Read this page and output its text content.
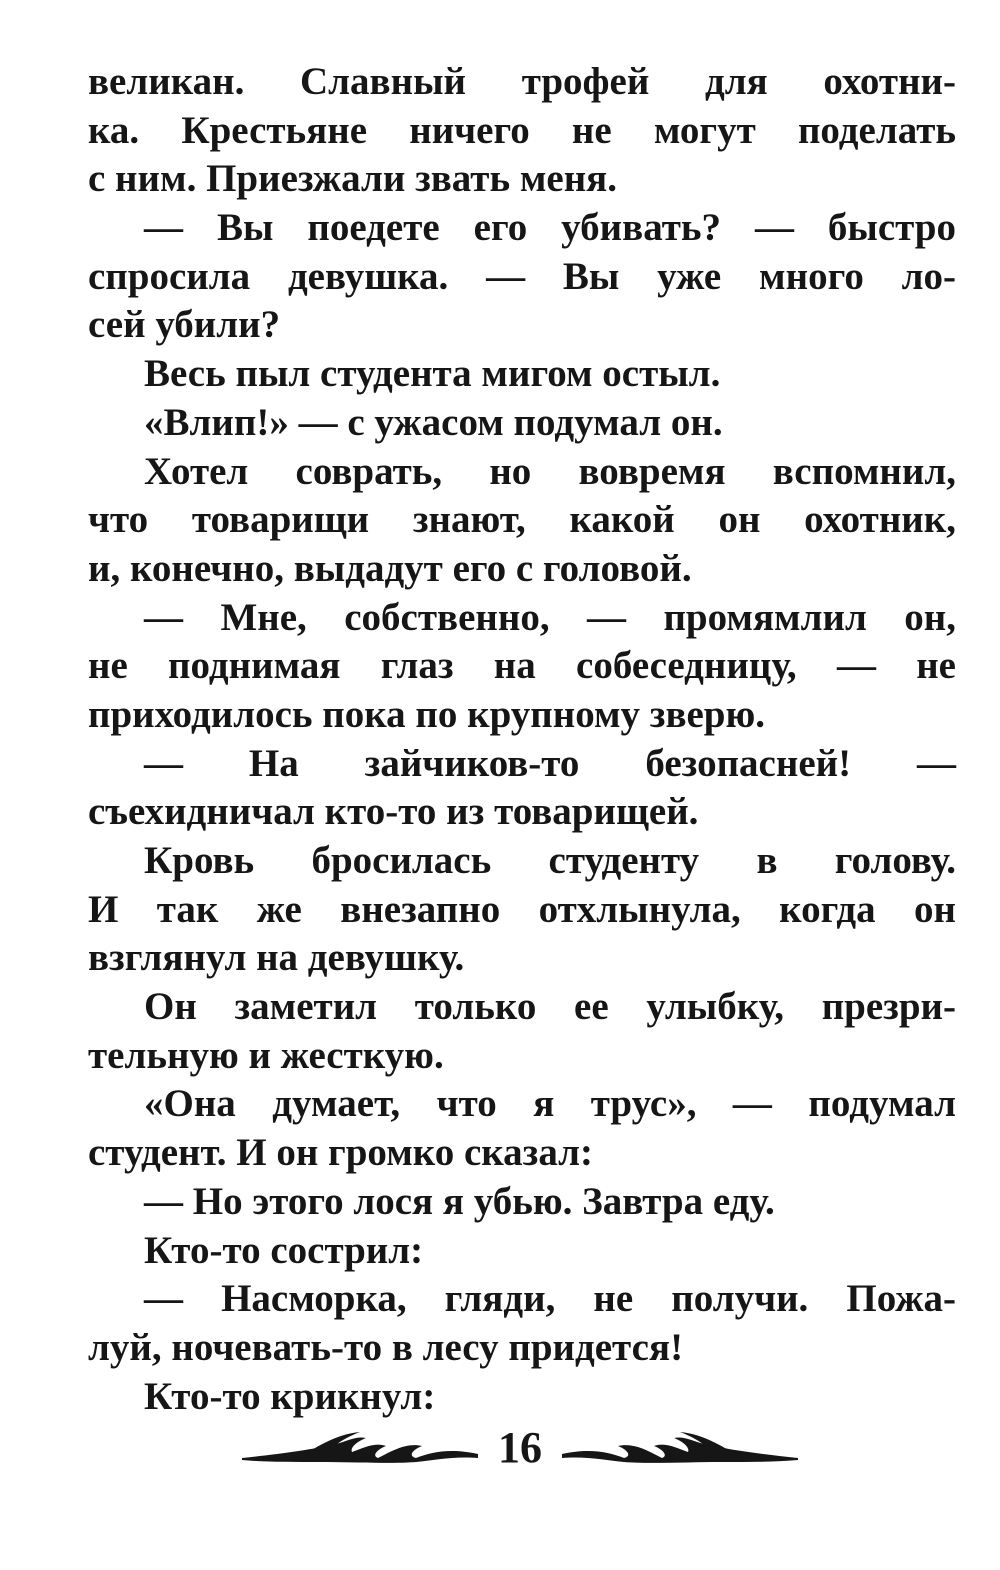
великан. Славный трофей для охотни-
ка. Крестьяне ничего не могут поделать
с ним. Приезжали звать меня.
— Вы поедете его убивать? — быстро
спросила девушка. — Вы уже много ло-
сей убили?
Весь пыл студента мигом остыл.
«Влип!» — с ужасом подумал он.
Хотел соврать, но вовремя вспомнил,
что товарищи знают, какой он охотник,
и, конечно, выдадут его с головой.
— Мне, собственно, — промямлил он,
не поднимая глаз на собеседницу, — не
приходилось пока по крупному зверю.
— На зайчиков-то безопасней! —
съехидничал кто-то из товарищей.
Кровь бросилась студенту в голову.
И так же внезапно отхлынула, когда он
взглянул на девушку.
Он заметил только ее улыбку, презри-
тельную и жесткую.
«Она думает, что я трус», — подумал
студент. И он громко сказал:
— Но этого лося я убью. Завтра еду.
Кто-то сострил:
— Насморка, гляди, не получи. Пожа-
луй, ночевать-то в лесу придется!
Кто-то крикнул:
16
